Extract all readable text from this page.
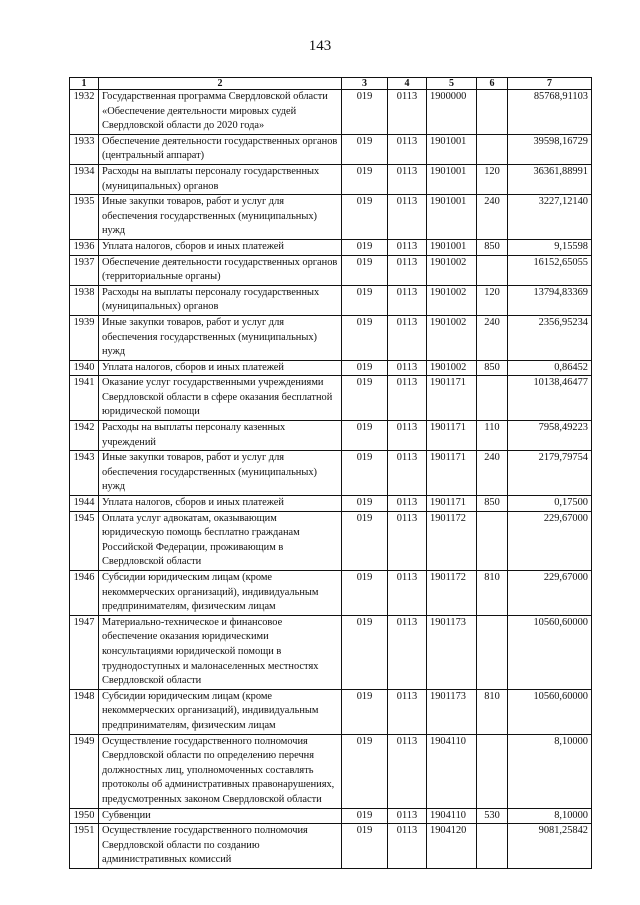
143
1	2	3	4	5	6	7
1932	Государственная программа Свердловской области «Обеспечение деятельности мировых судей Свердловской области до 2020 года»	019	0113	1900000		85768,91103
1933	Обеспечение деятельности государственных органов (центральный аппарат)	019	0113	1901001		39598,16729
1934	Расходы на выплаты персоналу государственных (муниципальных) органов	019	0113	1901001	120	36361,88991
1935	Иные закупки товаров, работ и услуг для обеспечения государственных (муниципальных) нужд	019	0113	1901001	240	3227,12140
1936	Уплата налогов, сборов и иных платежей	019	0113	1901001	850	9,15598
1937	Обеспечение деятельности государственных органов (территориальные органы)	019	0113	1901002		16152,65055
1938	Расходы на выплаты персоналу государственных (муниципальных) органов	019	0113	1901002	120	13794,83369
1939	Иные закупки товаров, работ и услуг для обеспечения государственных (муниципальных) нужд	019	0113	1901002	240	2356,95234
1940	Уплата налогов, сборов и иных платежей	019	0113	1901002	850	0,86452
1941	Оказание услуг государственными учреждениями Свердловской области в сфере оказания бесплатной юридической помощи	019	0113	1901171		10138,46477
1942	Расходы на выплаты персоналу казенных учреждений	019	0113	1901171	110	7958,49223
1943	Иные закупки товаров, работ и услуг для обеспечения государственных (муниципальных) нужд	019	0113	1901171	240	2179,79754
1944	Уплата налогов, сборов и иных платежей	019	0113	1901171	850	0,17500
1945	Оплата услуг адвокатам, оказывающим юридическую помощь бесплатно гражданам Российской Федерации, проживающим в Свердловской области	019	0113	1901172		229,67000
1946	Субсидии юридическим лицам (кроме некоммерческих организаций), индивидуальным предпринимателям, физическим лицам	019	0113	1901172	810	229,67000
1947	Материально-техническое и финансовое обеспечение оказания юридическими консультациями юридической помощи в труднодоступных и малонаселенных местностях Свердловской области	019	0113	1901173		10560,60000
1948	Субсидии юридическим лицам (кроме некоммерческих организаций), индивидуальным предпринимателям, физическим лицам	019	0113	1901173	810	10560,60000
1949	Осуществление государственного полномочия Свердловской области по определению перечня должностных лиц, уполномоченных составлять протоколы об административных правонарушениях, предусмотренных законом Свердловской области	019	0113	1904110		8,10000
1950	Субвенции	019	0113	1904110	530	8,10000
1951	Осуществление государственного полномочия Свердловской области по созданию административных комиссий	019	0113	1904120		9081,25842
